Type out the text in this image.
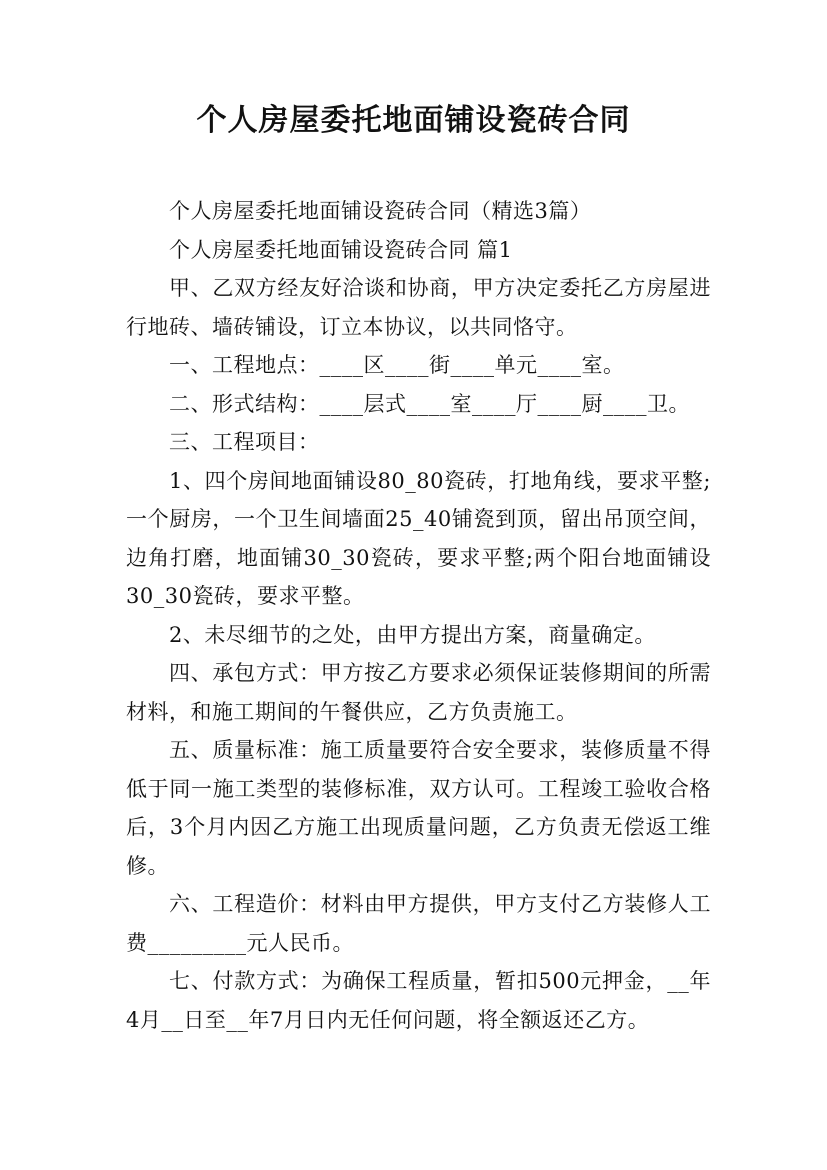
个人房屋委托地面铺设瓷砖合同

个人房屋委托地面铺设瓷砖合同（精选3篇）

个人房屋委托地面铺设瓷砖合同 篇1

甲、乙双方经友好洽谈和协商，甲方决定委托乙方房屋进行地砖、墙砖铺设，订立本协议，以共同恪守。

一、工程地点：____区____街____单元____室。

二、形式结构：____层式____室____厅____厨____卫。

三、工程项目：

1、四个房间地面铺设80_80瓷砖，打地角线，要求平整;一个厨房，一个卫生间墙面25_40铺瓷到顶，留出吊顶空间，边角打磨，地面铺30_30瓷砖，要求平整;两个阳台地面铺设30_30瓷砖，要求平整。

2、未尽细节的之处，由甲方提出方案，商量确定。

四、承包方式：甲方按乙方要求必须保证装修期间的所需材料，和施工期间的午餐供应，乙方负责施工。

五、质量标准：施工质量要符合安全要求，装修质量不得低于同一施工类型的装修标准，双方认可。工程竣工验收合格后，3个月内因乙方施工出现质量问题，乙方负责无偿返工维修。

六、工程造价：材料由甲方提供，甲方支付乙方装修人工费_________元人民币。

七、付款方式：为确保工程质量，暂扣500元押金，__年4月__日至__年7月日内无任何问题，将全额返还乙方。
